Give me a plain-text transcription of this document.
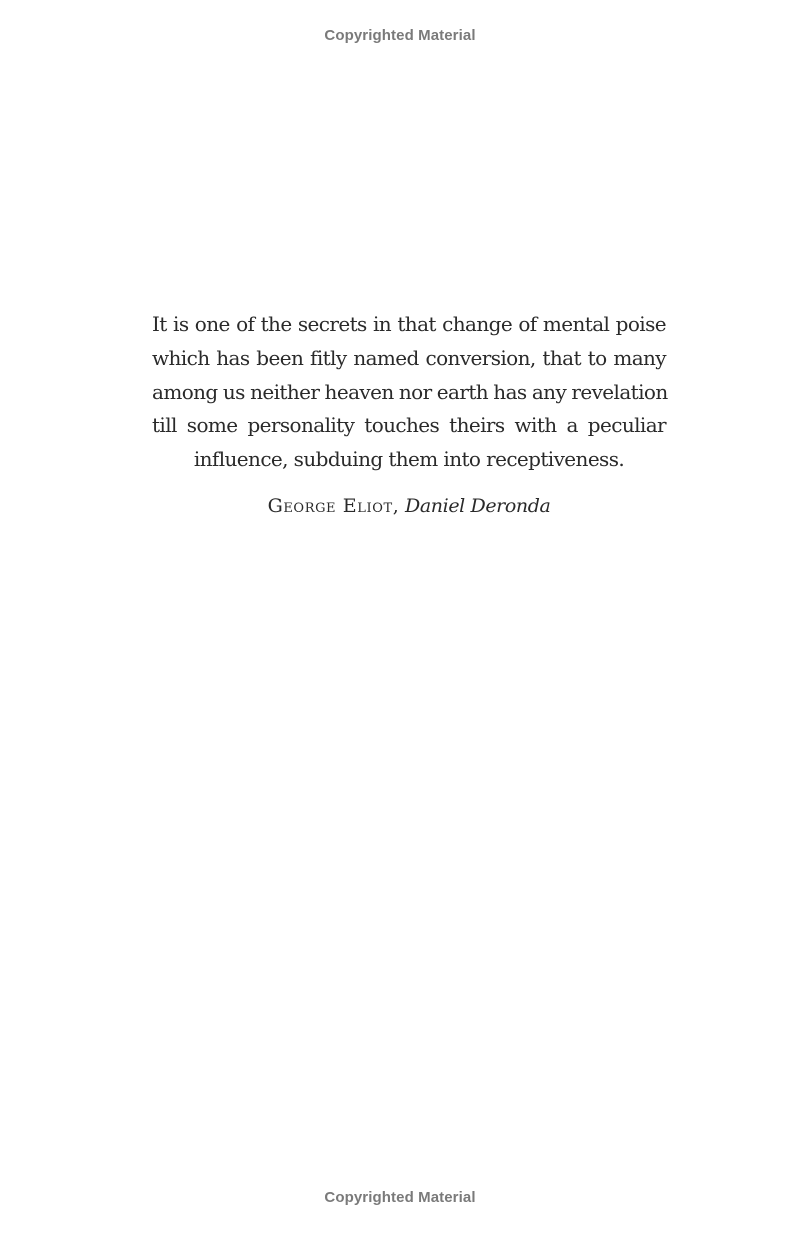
Copyrighted Material
It is one of the secrets in that change of mental poise
which has been fitly named conversion, that to many
among us neither heaven nor earth has any revelation
till some personality touches theirs with a peculiar
influence, subduing them into receptiveness.
George Eliot, Daniel Deronda
Copyrighted Material
